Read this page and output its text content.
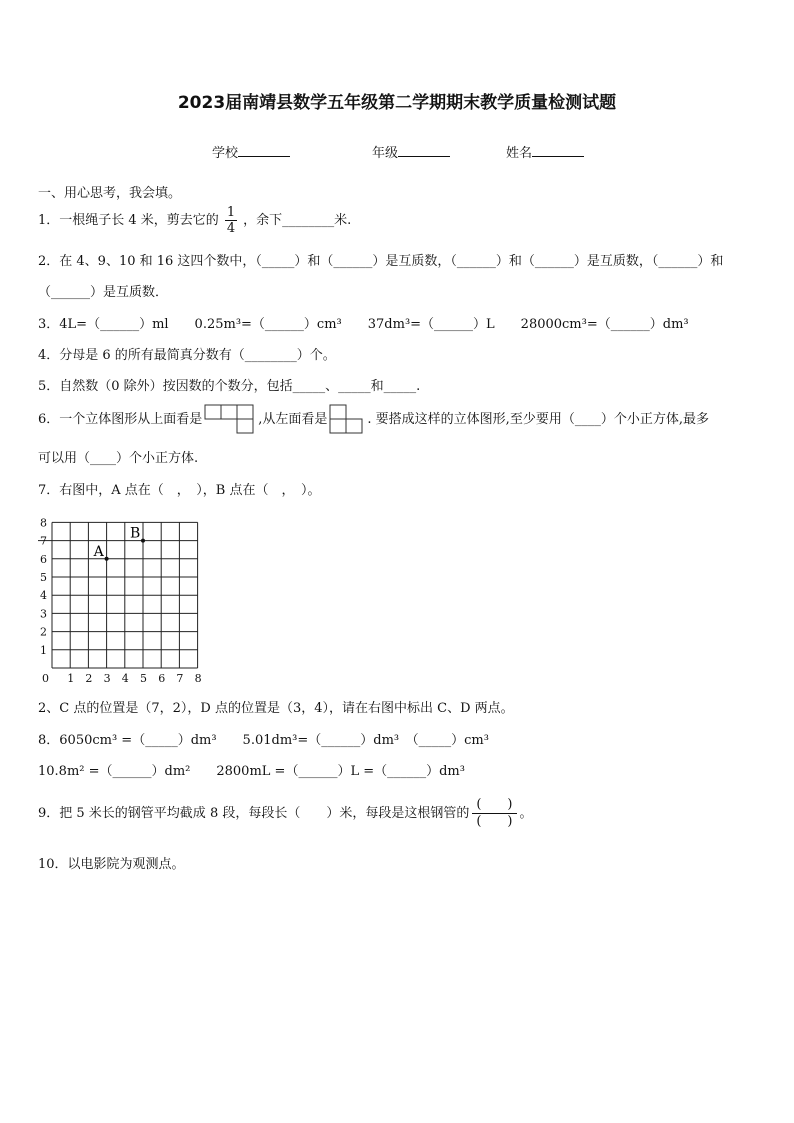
2023届南靖县数学五年级第二学期期末教学质量检测试题
学校	年级	姓名
一、用心思考，我会填。
1．一根绳子长 4 米，剪去它的 $\frac{1}{4}$ ，余下________米.
2．在 4、9、10 和 16 这四个数中，（_____）和（______）是互质数，（______）和（______）是互质数，（______）和
（______）是互质数．
3．4L=（______）ml　　0.25m³=（______）cm³　　37dm³=（______）L　　28000cm³=（______）dm³
4．分母是 6 的所有最简真分数有（________）个。
5．自然数（0 除外）按因数的个数分，包括_____、_____和_____.
6．一个立体图形从上面看是	,从左面看是	. 要搭成这样的立体图形,至少要用（____）个小正方体,最多
可以用（____）个小正方体.
7．右图中，A 点在（　，　），B 点在（　，　）。
0 1 2 3 4 5 6 7 8
1
2
3
4
5
6
7
8
A
B
2、C 点的位置是（7，2），D 点的位置是（3，4），请在右图中标出 C、D 两点。
8．6050cm³ =（_____）dm³　　5.01dm³=（______）dm³　（_____）cm³
10.8m² =（______）dm²　　2800mL =（______）L =（______）dm³
9．把 5 米长的钢管平均截成 8 段，每段长（　　）米，每段是这根钢管的 $\frac{( )}{( )}$ 。
10．以电影院为观测点。
